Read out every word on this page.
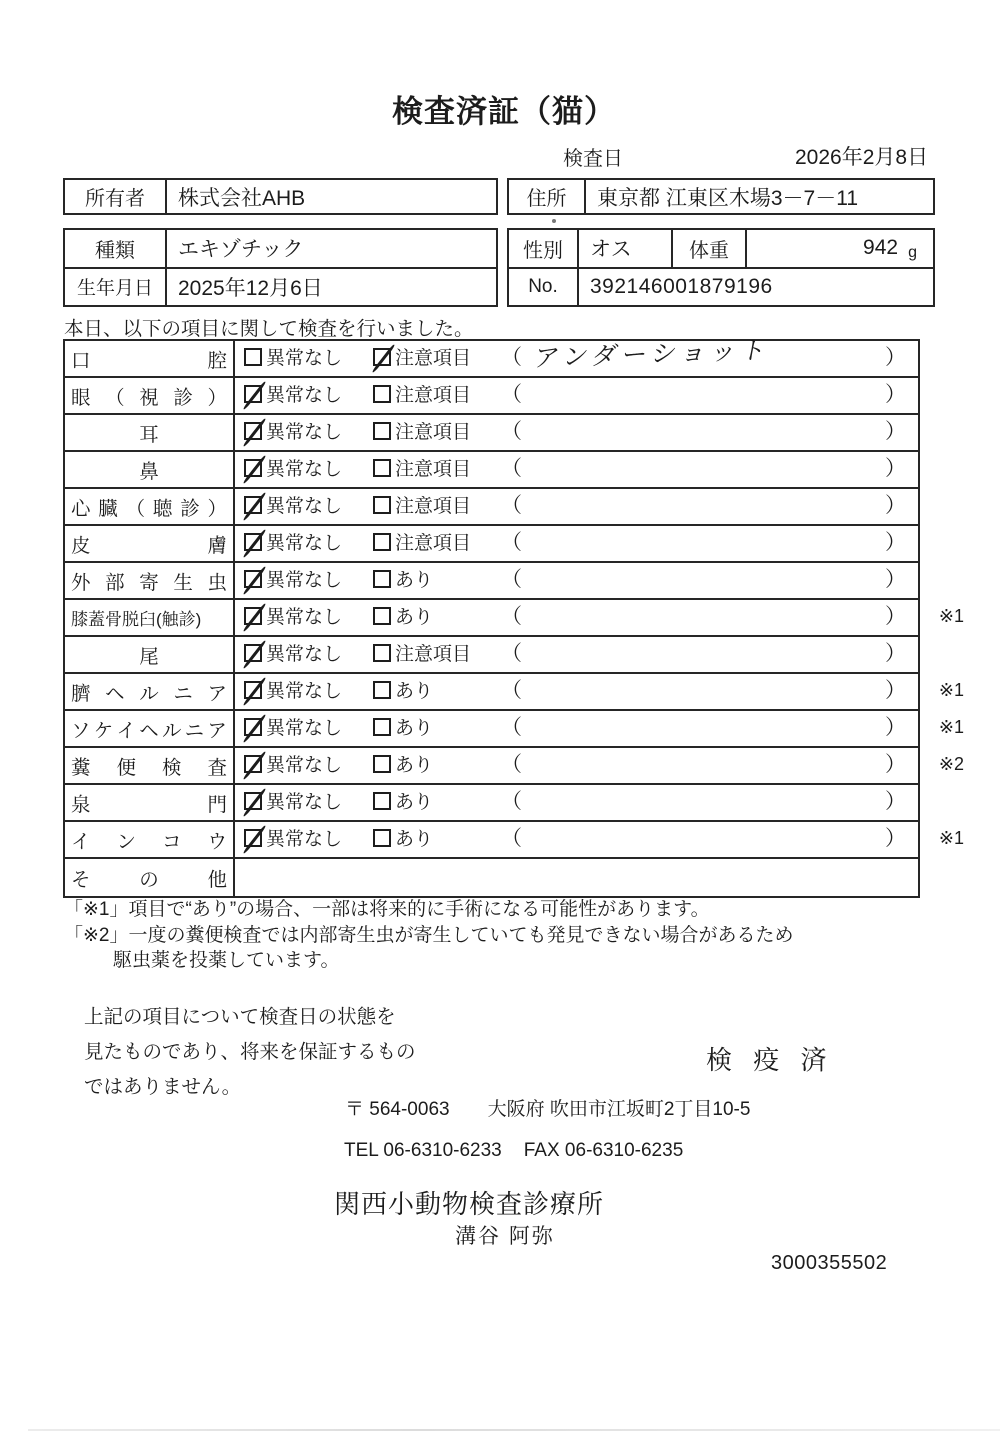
検査済証（猫）
検査日	2026年2月8日
所有者	株式会社AHB	住所	東京都 江東区木場3－7－11
種類	エキゾチック
生年月日	2025年12月6日
性別	オス	体重	942 g
No.	392146001879196
本日、以下の項目に関して検査を行いました。
口	腔	異常なし	注意項目 （ アンダーショット	）
眼 （ 視 診 ）	異常なし	注意項目 （	）
耳	異常なし	注意項目 （	）
鼻	異常なし	注意項目 （	）
心 臓 （ 聴 診 ）	異常なし	注意項目 （	）
皮	膚	異常なし	注意項目 （	）
外 部 寄 生 虫	異常なし	あり	（	）
膝蓋骨脱臼(触診)	異常なし	あり	（	） ※1
尾	異常なし	注意項目 （	）
臍 ヘ ル ニ ア	異常なし	あり	（	） ※1
ソ ケ イ ヘ ル ニ ア	異常なし	あり	（	） ※1
糞 便 検 査	異常なし	あり	（	） ※2
泉	門	異常なし	あり	（	）
イ ン コ ウ	異常なし	あり	（	） ※1
そ の 他
「※1」項目で“あり”の場合、一部は将来的に手術になる可能性があります。
「※2」一度の糞便検査では内部寄生虫が寄生していても発見できない場合があるため
駆虫薬を投薬しています。
上記の項目について検査日の状態を
見たものであり、将来を保証するもの
ではありません。
検 疫 済
〒 564-0063 大阪府 吹田市江坂町2丁目10-5
TEL 06-6310-6233 FAX 06-6310-6235
関西小動物検査診療所
溝谷 阿弥
3000355502
